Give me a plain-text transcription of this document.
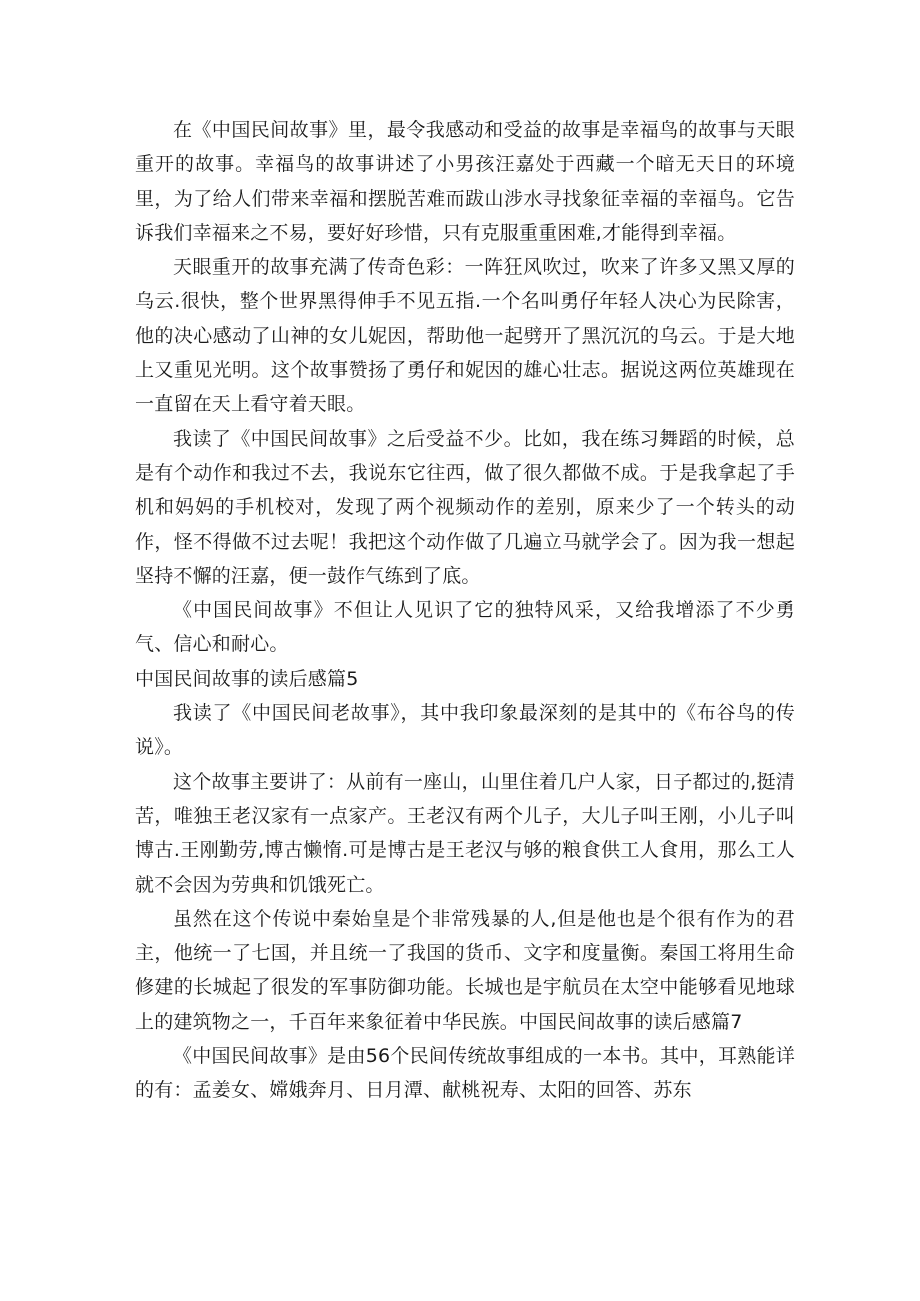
在《中国民间故事》里，最令我感动和受益的故事是幸福鸟的故事与天眼重开的故事。幸福鸟的故事讲述了小男孩汪嘉处于西藏一个暗无天日的环境里，为了给人们带来幸福和摆脱苦难而跋山涉水寻找象征幸福的幸福鸟。它告诉我们幸福来之不易，要好好珍惜，只有克服重重困难,才能得到幸福。

天眼重开的故事充满了传奇色彩：一阵狂风吹过，吹来了许多又黑又厚的乌云.很快，整个世界黑得伸手不见五指.一个名叫勇仔年轻人决心为民除害，他的决心感动了山神的女儿妮因，帮助他一起劈开了黑沉沉的乌云。于是大地上又重见光明。这个故事赞扬了勇仔和妮因的雄心壮志。据说这两位英雄现在一直留在天上看守着天眼。

我读了《中国民间故事》之后受益不少。比如，我在练习舞蹈的时候，总是有个动作和我过不去，我说东它往西，做了很久都做不成。于是我拿起了手机和妈妈的手机校对，发现了两个视频动作的差别，原来少了一个转头的动作，怪不得做不过去呢！我把这个动作做了几遍立马就学会了。因为我一想起坚持不懈的汪嘉，便一鼓作气练到了底。

《中国民间故事》不但让人见识了它的独特风采，又给我增添了不少勇气、信心和耐心。

中国民间故事的读后感篇5

我读了《中国民间老故事》，其中我印象最深刻的是其中的《布谷鸟的传说》。

这个故事主要讲了：从前有一座山，山里住着几户人家，日子都过的,挺清苦，唯独王老汉家有一点家产。王老汉有两个儿子，大儿子叫王刚，小儿子叫博古.王刚勤劳,博古懒惰.可是博古是王老汉与够的粮食供工人食用，那么工人就不会因为劳典和饥饿死亡。

虽然在这个传说中秦始皇是个非常残暴的人,但是他也是个很有作为的君主，他统一了七国，并且统一了我国的货币、文字和度量衡。秦国工将用生命修建的长城起了很发的军事防御功能。长城也是宇航员在太空中能够看见地球上的建筑物之一，千百年来象征着中华民族。中国民间故事的读后感篇7

《中国民间故事》是由56个民间传统故事组成的一本书。其中，耳熟能详的有：孟姜女、嫦娥奔月、日月潭、献桃祝寿、太阳的回答、苏东
